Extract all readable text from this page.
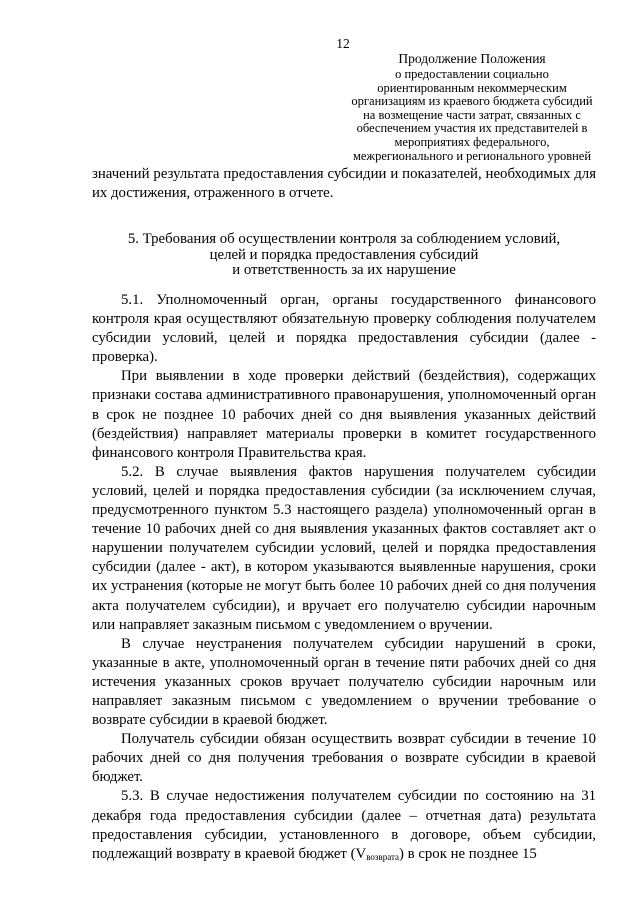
12
Продолжение Положения
о предоставлении социально
ориентированным некоммерческим
организациям из краевого бюджета субсидий
на возмещение части затрат, связанных с
обеспечением участия их представителей в
мероприятиях федерального,
межрегионального и регионального уровней

значений результата предоставления субсидии и показателей, необходимых для их достижения, отраженного в отчете.

5. Требования об осуществлении контроля за соблюдением условий,
целей и порядка предоставления субсидий
и ответственность за их нарушение

5.1. Уполномоченный орган, органы государственного финансового контроля края осуществляют обязательную проверку соблюдения получателем субсидии условий, целей и порядка предоставления субсидии (далее - проверка).

При выявлении в ходе проверки действий (бездействия), содержащих признаки состава административного правонарушения, уполномоченный орган в срок не позднее 10 рабочих дней со дня выявления указанных действий (бездействия) направляет материалы проверки в комитет государственного финансового контроля Правительства края.

5.2. В случае выявления фактов нарушения получателем субсидии условий, целей и порядка предоставления субсидии (за исключением случая, предусмотренного пунктом 5.3 настоящего раздела) уполномоченный орган в течение 10 рабочих дней со дня выявления указанных фактов составляет акт о нарушении получателем субсидии условий, целей и порядка предоставления субсидии (далее - акт), в котором указываются выявленные нарушения, сроки их устранения (которые не могут быть более 10 рабочих дней со дня получения акта получателем субсидии), и вручает его получателю субсидии нарочным или направляет заказным письмом с уведомлением о вручении.

В случае неустранения получателем субсидии нарушений в сроки, указанные в акте, уполномоченный орган в течение пяти рабочих дней со дня истечения указанных сроков вручает получателю субсидии нарочным или направляет заказным письмом с уведомлением о вручении требование о возврате субсидии в краевой бюджет.

Получатель субсидии обязан осуществить возврат субсидии в течение 10 рабочих дней со дня получения требования о возврате субсидии в краевой бюджет.

5.3. В случае недостижения получателем субсидии по состоянию на 31 декабря года предоставления субсидии (далее – отчетная дата) результата предоставления субсидии, установленного в договоре, объем субсидии, подлежащий возврату в краевой бюджет $(V_{возврата})$ в срок не позднее 15
